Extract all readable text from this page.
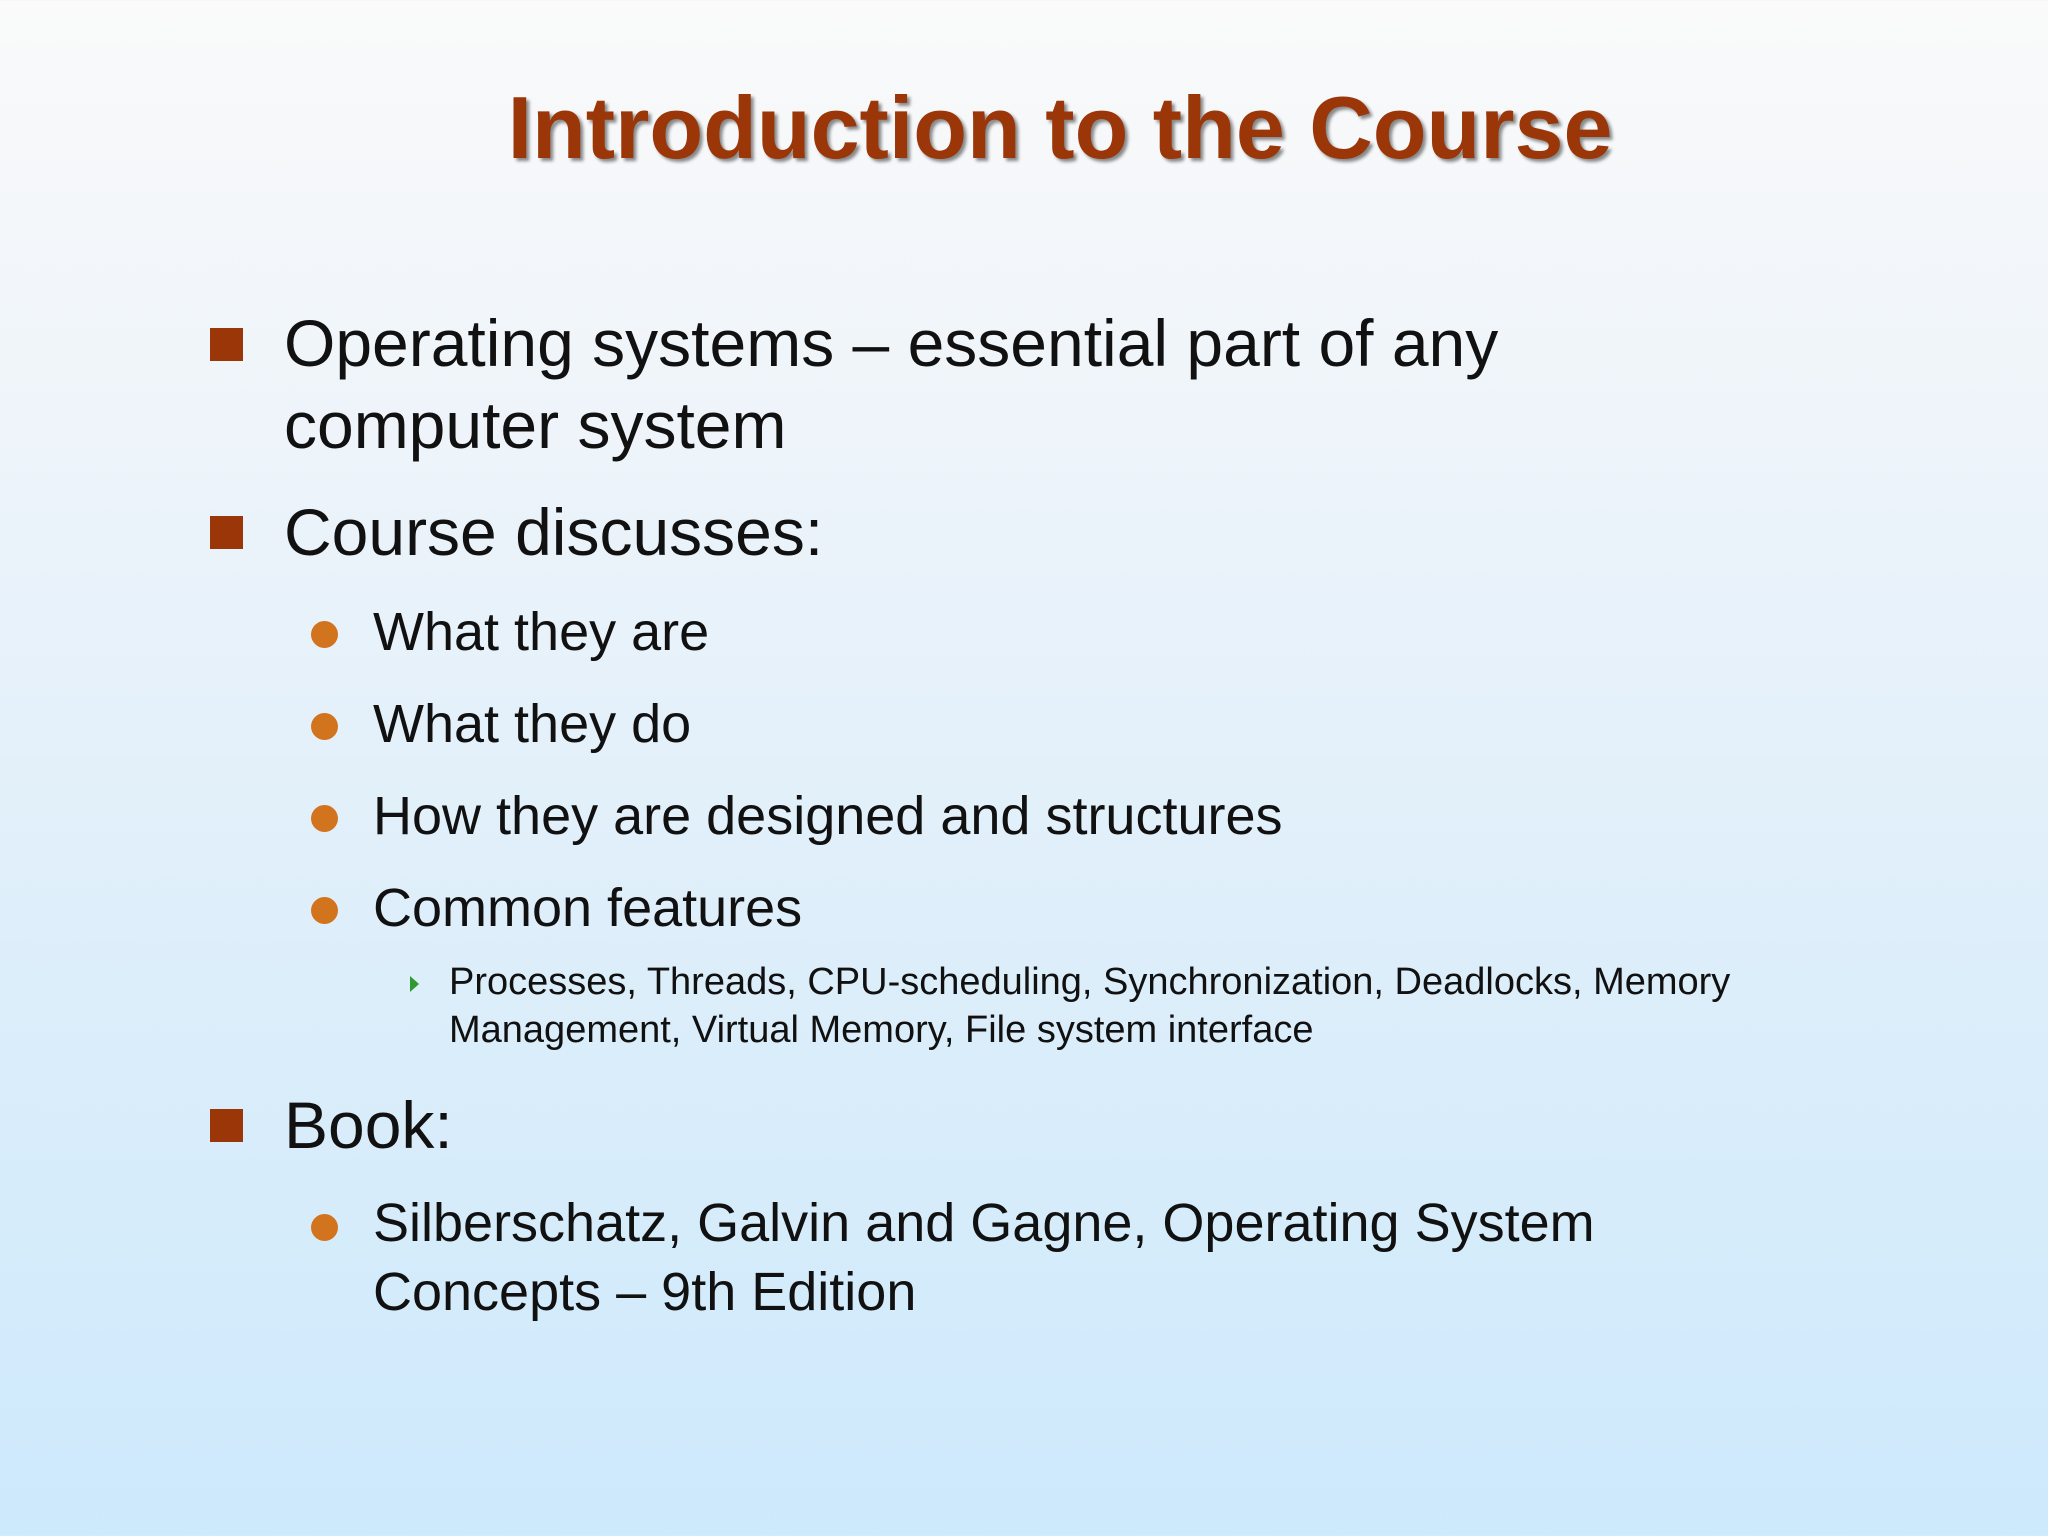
Introduction to the Course
Operating systems – essential part of any
computer system
Course discusses:
What they are
What they do
How they are designed and structures
Common features
Processes, Threads, CPU-scheduling, Synchronization, Deadlocks, Memory
Management, Virtual Memory, File system interface
Book:
Silberschatz, Galvin and Gagne, Operating System
Concepts – 9th Edition
